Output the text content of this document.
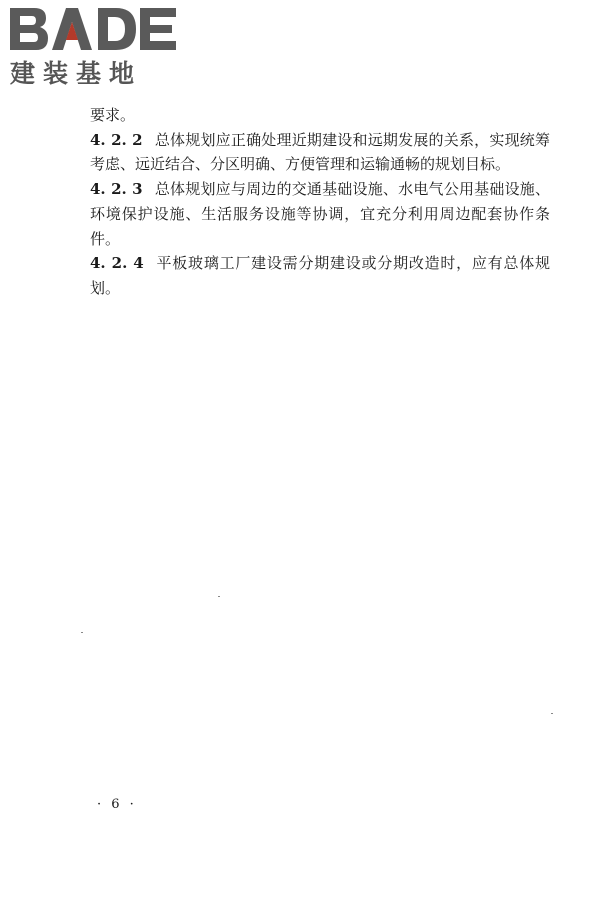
建装基地

要求。

4. 2. 2 总体规划应正确处理近期建设和远期发展的关系，实现统筹考虑、远近结合、分区明确、方便管理和运输通畅的规划目标。

4. 2. 3 总体规划应与周边的交通基础设施、水电气公用基础设施、环境保护设施、生活服务设施等协调，宜充分利用周边配套协作条件。

4. 2. 4 平板玻璃工厂建设需分期建设或分期改造时，应有总体规划。

· 6 ·
